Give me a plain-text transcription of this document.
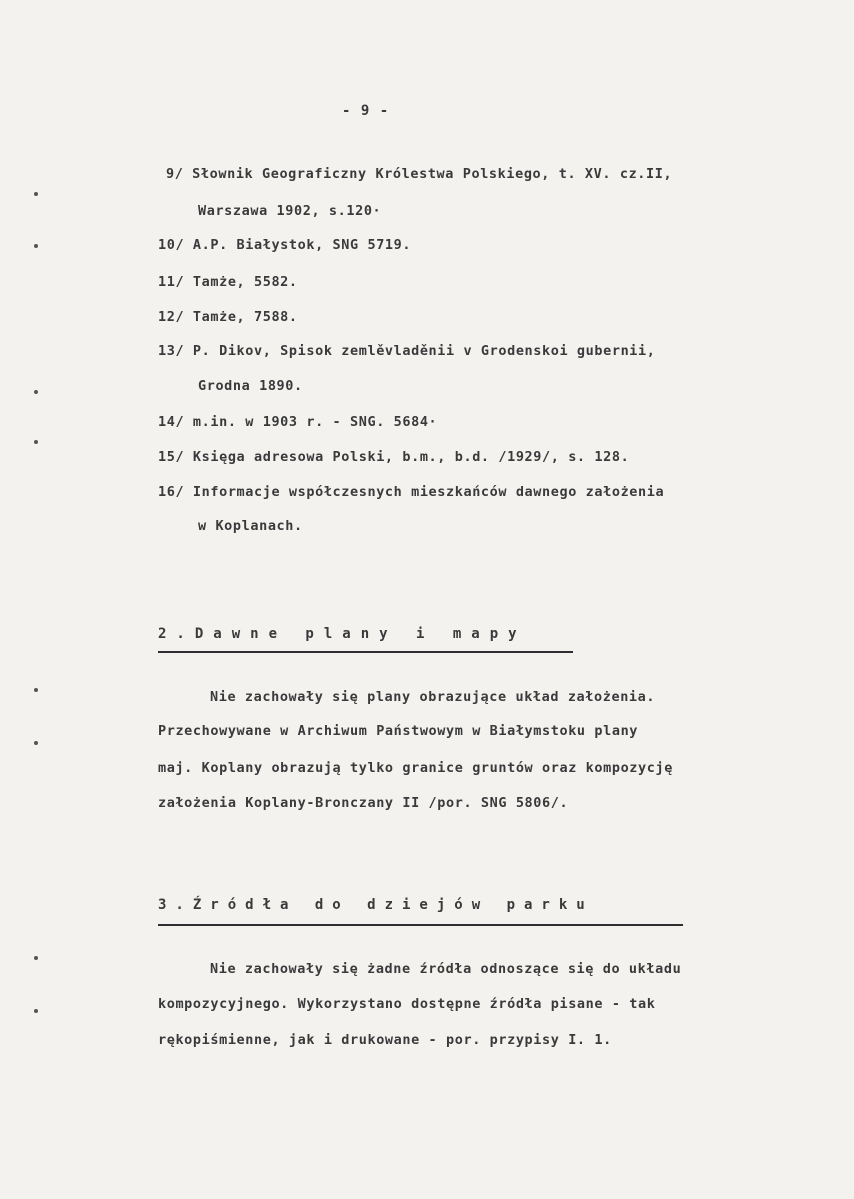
- 9 -
9/ Słownik Geograficzny Królestwa Polskiego, t. XV. cz.II,
Warszawa 1902, s.120·
10/ A.P. Białystok, SNG 5719.
11/ Tamże, 5582.
12/ Tamże, 7588.
13/ P. Dikov, Spisok zemlěvladěnii v Grodenskoi gubernii,
Grodna 1890.
14/ m.in. w 1903 r. - SNG. 5684·
15/ Księga adresowa Polski, b.m., b.d. /1929/, s. 128.
16/ Informacje współczesnych mieszkańców dawnego założenia
w Koplanach.
2.Dawne plany i mapy
Nie zachowały się plany obrazujące układ założenia.
Przechowywane w Archiwum Państwowym w Białymstoku plany
maj. Koplany obrazują tylko granice gruntów oraz kompozycję
założenia Koplany-Bronczany II /por. SNG 5806/.
3.Źródła do dziejów parku
Nie zachowały się żadne źródła odnoszące się do układu
kompozycyjnego. Wykorzystano dostępne źródła pisane - tak
rękopiśmienne, jak i drukowane - por. przypisy I. 1.
